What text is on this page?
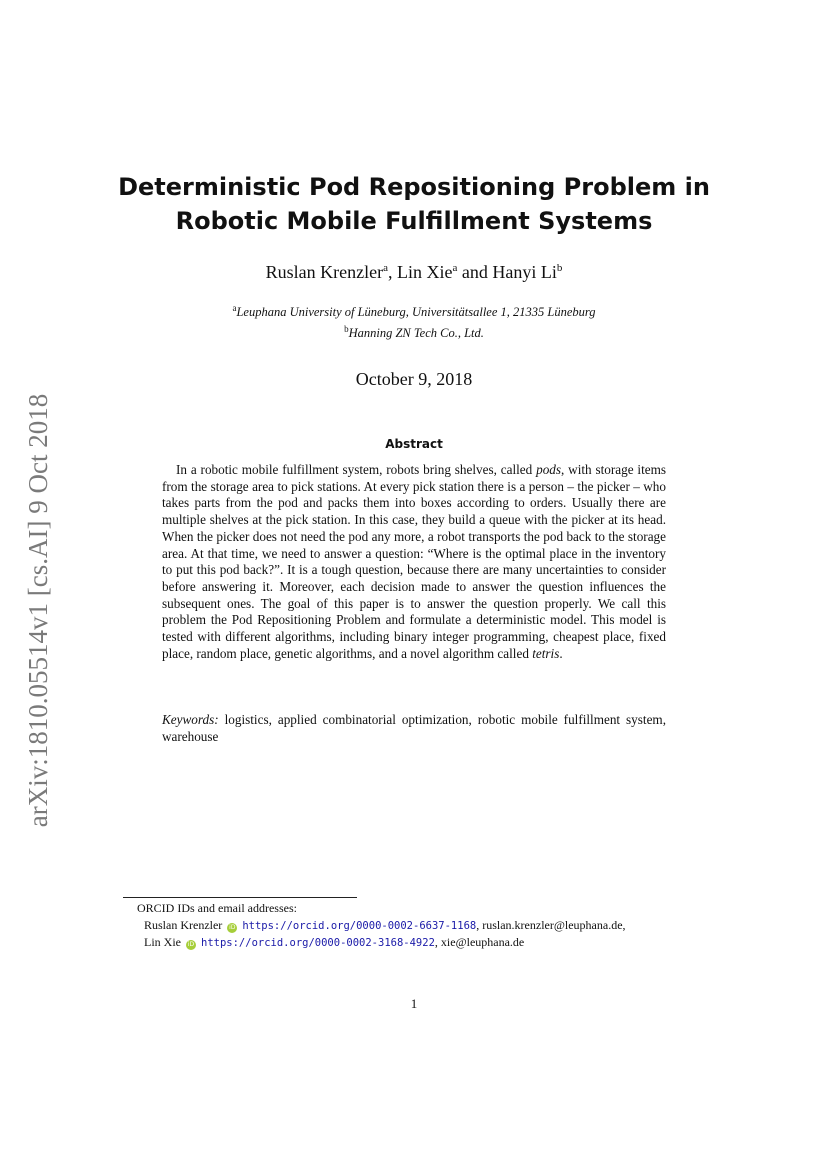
arXiv:1810.05514v1 [cs.AI] 9 Oct 2018
Deterministic Pod Repositioning Problem in
Robotic Mobile Fulfillment Systems
Ruslan Krenzler$^a$, Lin Xie$^a$ and Hanyi Li$^b$
$^a$Leuphana University of Lüneburg, Universitätsallee 1, 21335 Lüneburg
$^b$Hanning ZN Tech Co., Ltd.
October 9, 2018
Abstract

In a robotic mobile fulfillment system, robots bring shelves, called pods, with storage items from the storage area to pick stations. At every pick station there is a person – the picker – who takes parts from the pod and packs them into boxes according to orders. Usually there are multiple shelves at the pick station. In this case, they build a queue with the picker at its head. When the picker does not need the pod any more, a robot transports the pod back to the storage area. At that time, we need to answer a question: “Where is the optimal place in the inventory to put this pod back?”. It is a tough question, because there are many uncertainties to consider before answering it. Moreover, each decision made to answer the question influences the subsequent ones. The goal of this paper is to answer the question properly. We call this problem the Pod Repositioning Problem and formulate a deterministic model. This model is tested with different algorithms, including binary integer programming, cheapest place, fixed place, random place, genetic algorithms, and a novel algorithm called tetris.

Keywords: logistics, applied combinatorial optimization, robotic mobile fulfillment system, warehouse

ORCID IDs and email addresses:
Ruslan Krenzler iD https://orcid.org/0000-0002-6637-1168, ruslan.krenzler@leuphana.de,
Lin Xie iD https://orcid.org/0000-0002-3168-4922, xie@leuphana.de
1
